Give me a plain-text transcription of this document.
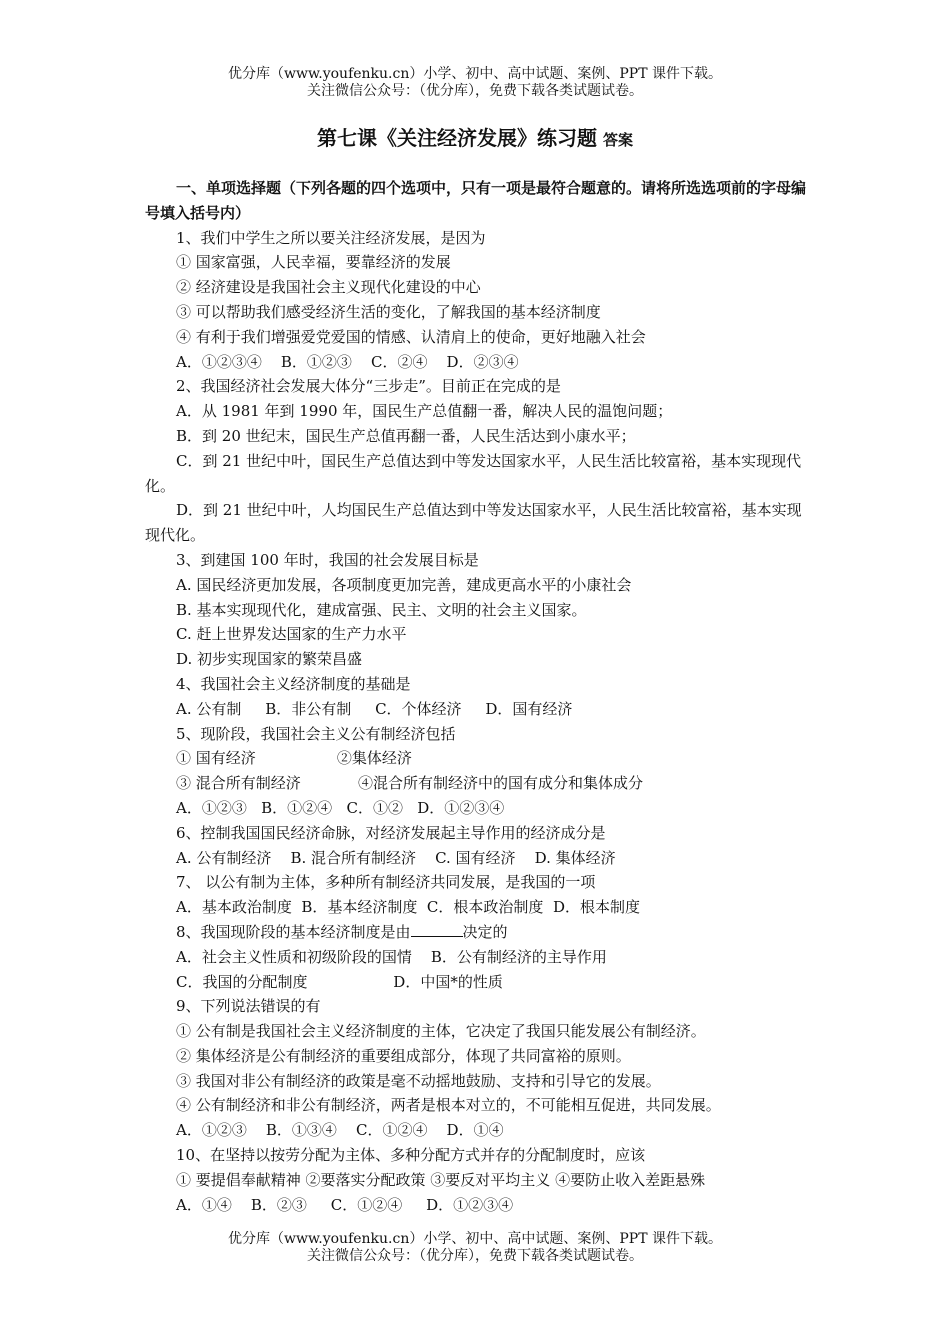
优分库（www.youfenku.cn）小学、初中、高中试题、案例、PPT 课件下载。
关注微信公众号：（优分库），免费下载各类试题试卷。
第七课《关注经济发展》练习题 答案
一、单项选择题（下列各题的四个选项中，只有一项是最符合题意的。请将所选选项前的字母编号填入括号内）
1、我们中学生之所以要关注经济发展，是因为
① 国家富强，人民幸福，要靠经济的发展
② 经济建设是我国社会主义现代化建设的中心
③ 可以帮助我们感受经济生活的变化，了解我国的基本经济制度
④ 有利于我们增强爱党爱国的情感、认清肩上的使命，更好地融入社会
A．①②③④    B．①②③    C．②④    D．②③④
2、我国经济社会发展大体分“三步走”。目前正在完成的是
A．从 1981 年到 1990 年，国民生产总值翻一番，解决人民的温饱问题；
B．到 20 世纪末，国民生产总值再翻一番，人民生活达到小康水平；
C．到 21 世纪中叶，国民生产总值达到中等发达国家水平，人民生活比较富裕，基本实现现代化。
D．到 21 世纪中叶，人均国民生产总值达到中等发达国家水平，人民生活比较富裕，基本实现现代化。
3、到建国 100 年时，我国的社会发展目标是
A. 国民经济更加发展，各项制度更加完善，建成更高水平的小康社会
B. 基本实现现代化，建成富强、民主、文明的社会主义国家。
C. 赶上世界发达国家的生产力水平
D. 初步实现国家的繁荣昌盛
4、我国社会主义经济制度的基础是
A. 公有制     B．非公有制     C．个体经济     D．国有经济
5、现阶段，我国社会主义公有制经济包括
① 国有经济                 ②集体经济
③ 混合所有制经济            ④混合所有制经济中的国有成分和集体成分
A．①②③   B．①②④   C．①②   D．①②③④
6、控制我国国民经济命脉，对经济发展起主导作用的经济成分是
A. 公有制经济    B. 混合所有制经济    C. 国有经济    D. 集体经济
7、 以公有制为主体，多种所有制经济共同发展，是我国的一项
A．基本政治制度  B．基本经济制度  C．根本政治制度  D．根本制度
8、我国现阶段的基本经济制度是由	决定的
A．社会主义性质和初级阶段的国情    B．公有制经济的主导作用
C．我国的分配制度                  D．中国*的性质
9、下列说法错误的有
① 公有制是我国社会主义经济制度的主体，它决定了我国只能发展公有制经济。
② 集体经济是公有制经济的重要组成部分，体现了共同富裕的原则。
③ 我国对非公有制经济的政策是毫不动摇地鼓励、支持和引导它的发展。
④ 公有制经济和非公有制经济，两者是根本对立的，不可能相互促进，共同发展。
A．①②③    B．①③④    C．①②④    D．①④
10、在坚持以按劳分配为主体、多种分配方式并存的分配制度时，应该
① 要提倡奉献精神 ②要落实分配政策 ③要反对平均主义 ④要防止收入差距悬殊
A．①④    B．②③     C．①②④     D．①②③④
优分库（www.youfenku.cn）小学、初中、高中试题、案例、PPT 课件下载。
关注微信公众号：（优分库），免费下载各类试题试卷。
